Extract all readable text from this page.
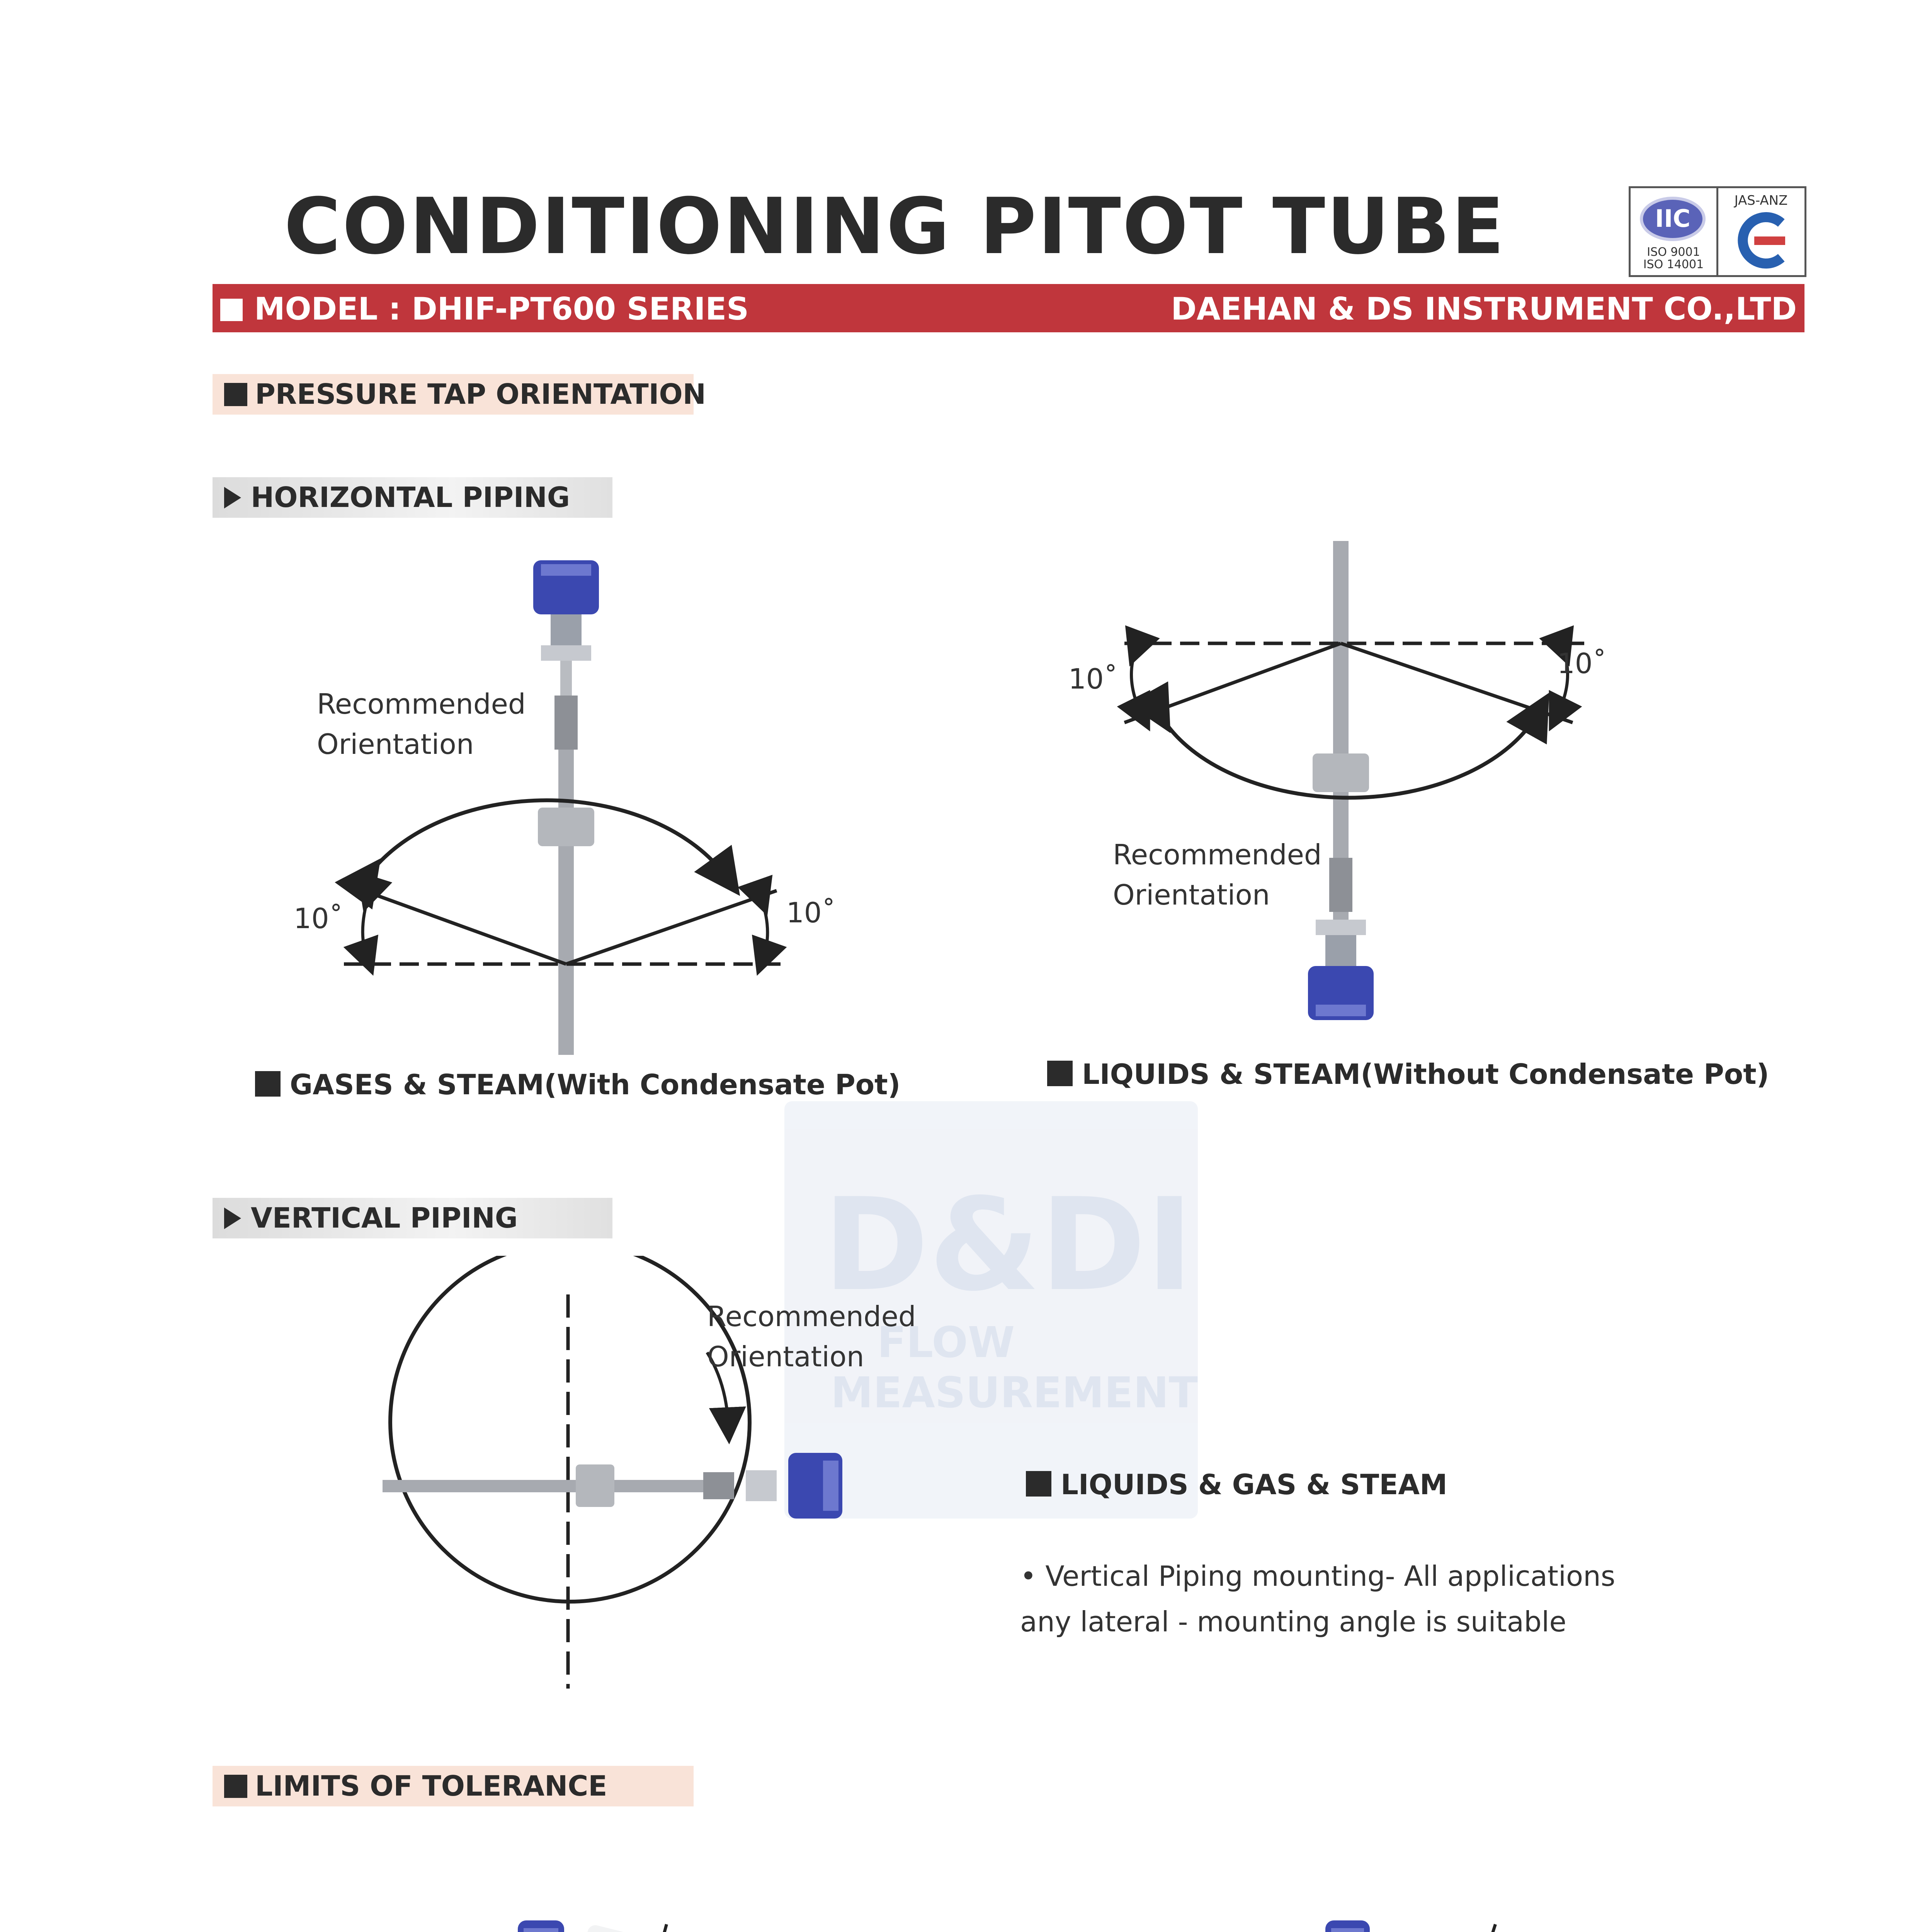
CONDITIONING PITOT TUBE	IIC
ISO 9001
ISO 14001
JAS-ANZ
MODEL : DHIF-PT600 SERIES	DAEHAN & DS INSTRUMENT CO.,LTD
PRESSURE TAP ORIENTATION
HORIZONTAL PIPING
Recommended
Orientation
10˚	10˚
GASES & STEAM(With Condensate Pot)
10˚	10˚
Recommended
Orientation
LIQUIDS & STEAM(Without Condensate Pot)
D&DI
FLOW
MEASUREMENT
VERTICAL PIPING
Recommended
Orientation
LIQUIDS & GAS & STEAM
• Vertical Piping mounting- All applications
any lateral - mounting angle is suitable
LIMITS OF TOLERANCE
